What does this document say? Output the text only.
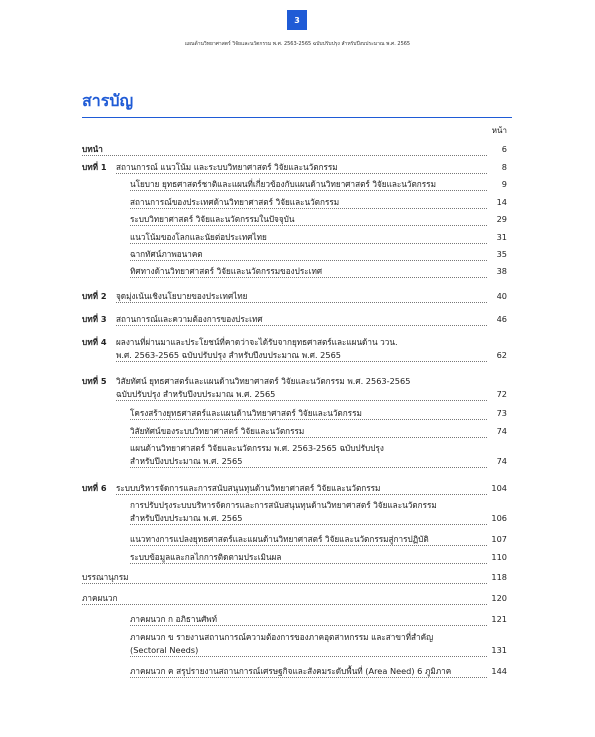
3
แผนด้านวิทยาศาสตร์ วิจัยและนวัตกรรม พ.ศ. 2563-2565 ฉบับปรับปรุง สำหรับปีงบประมาณ พ.ศ. 2565
สารบัญ
หน้า
บทนำ	6
บทที่ 1 สถานการณ์ แนวโน้ม และระบบวิทยาศาสตร์ วิจัยและนวัตกรรม	8
นโยบาย ยุทธศาสตร์ชาติและแผนที่เกี่ยวข้องกับแผนด้านวิทยาศาสตร์ วิจัยและนวัตกรรม	9
สถานการณ์ของประเทศด้านวิทยาศาสตร์ วิจัยและนวัตกรรม	14
ระบบวิทยาศาสตร์ วิจัยและนวัตกรรมในปัจจุบัน	29
แนวโน้มของโลกและนัยต่อประเทศไทย	31
ฉากทัศน์ภาพอนาคต	35
ทิศทางด้านวิทยาศาสตร์ วิจัยและนวัตกรรมของประเทศ	38
บทที่ 2 จุดมุ่งเน้นเชิงนโยบายของประเทศไทย	40
บทที่ 3 สถานการณ์และความต้องการของประเทศ	46
บทที่ 4 ผลงานที่ผ่านมาและประโยชน์ที่คาดว่าจะได้รับจากยุทธศาสตร์และแผนด้าน ววน.
พ.ศ. 2563-2565 ฉบับปรับปรุง สำหรับปีงบประมาณ พ.ศ. 2565	62
บทที่ 5 วิสัยทัศน์ ยุทธศาสตร์และแผนด้านวิทยาศาสตร์ วิจัยและนวัตกรรม พ.ศ. 2563-2565
ฉบับปรับปรุง สำหรับปีงบประมาณ พ.ศ. 2565	72
โครงสร้างยุทธศาสตร์และแผนด้านวิทยาศาสตร์ วิจัยและนวัตกรรม	73
วิสัยทัศน์ของระบบวิทยาศาสตร์ วิจัยและนวัตกรรม	74
แผนด้านวิทยาศาสตร์ วิจัยและนวัตกรรม พ.ศ. 2563-2565 ฉบับปรับปรุง
สำหรับปีงบประมาณ พ.ศ. 2565	74
บทที่ 6 ระบบบริหารจัดการและการสนับสนุนทุนด้านวิทยาศาสตร์ วิจัยและนวัตกรรม	104
การปรับปรุงระบบบริหารจัดการและการสนับสนุนทุนด้านวิทยาศาสตร์ วิจัยและนวัตกรรม
สำหรับปีงบประมาณ พ.ศ. 2565	106
แนวทางการแปลงยุทธศาสตร์และแผนด้านวิทยาศาสตร์ วิจัยและนวัตกรรมสู่การปฏิบัติ	107
ระบบข้อมูลและกลไกการติดตามประเมินผล	110
บรรณานุกรม	118
ภาคผนวก	120
ภาคผนวก ก อภิธานศัพท์	121
ภาคผนวก ข รายงานสถานการณ์ความต้องการของภาคอุตสาหกรรม และสาขาที่สำคัญ
(Sectoral Needs)	131
ภาคผนวก ค สรุปรายงานสถานการณ์เศรษฐกิจและสังคมระดับพื้นที่ (Area Need) 6 ภูมิภาค	144
